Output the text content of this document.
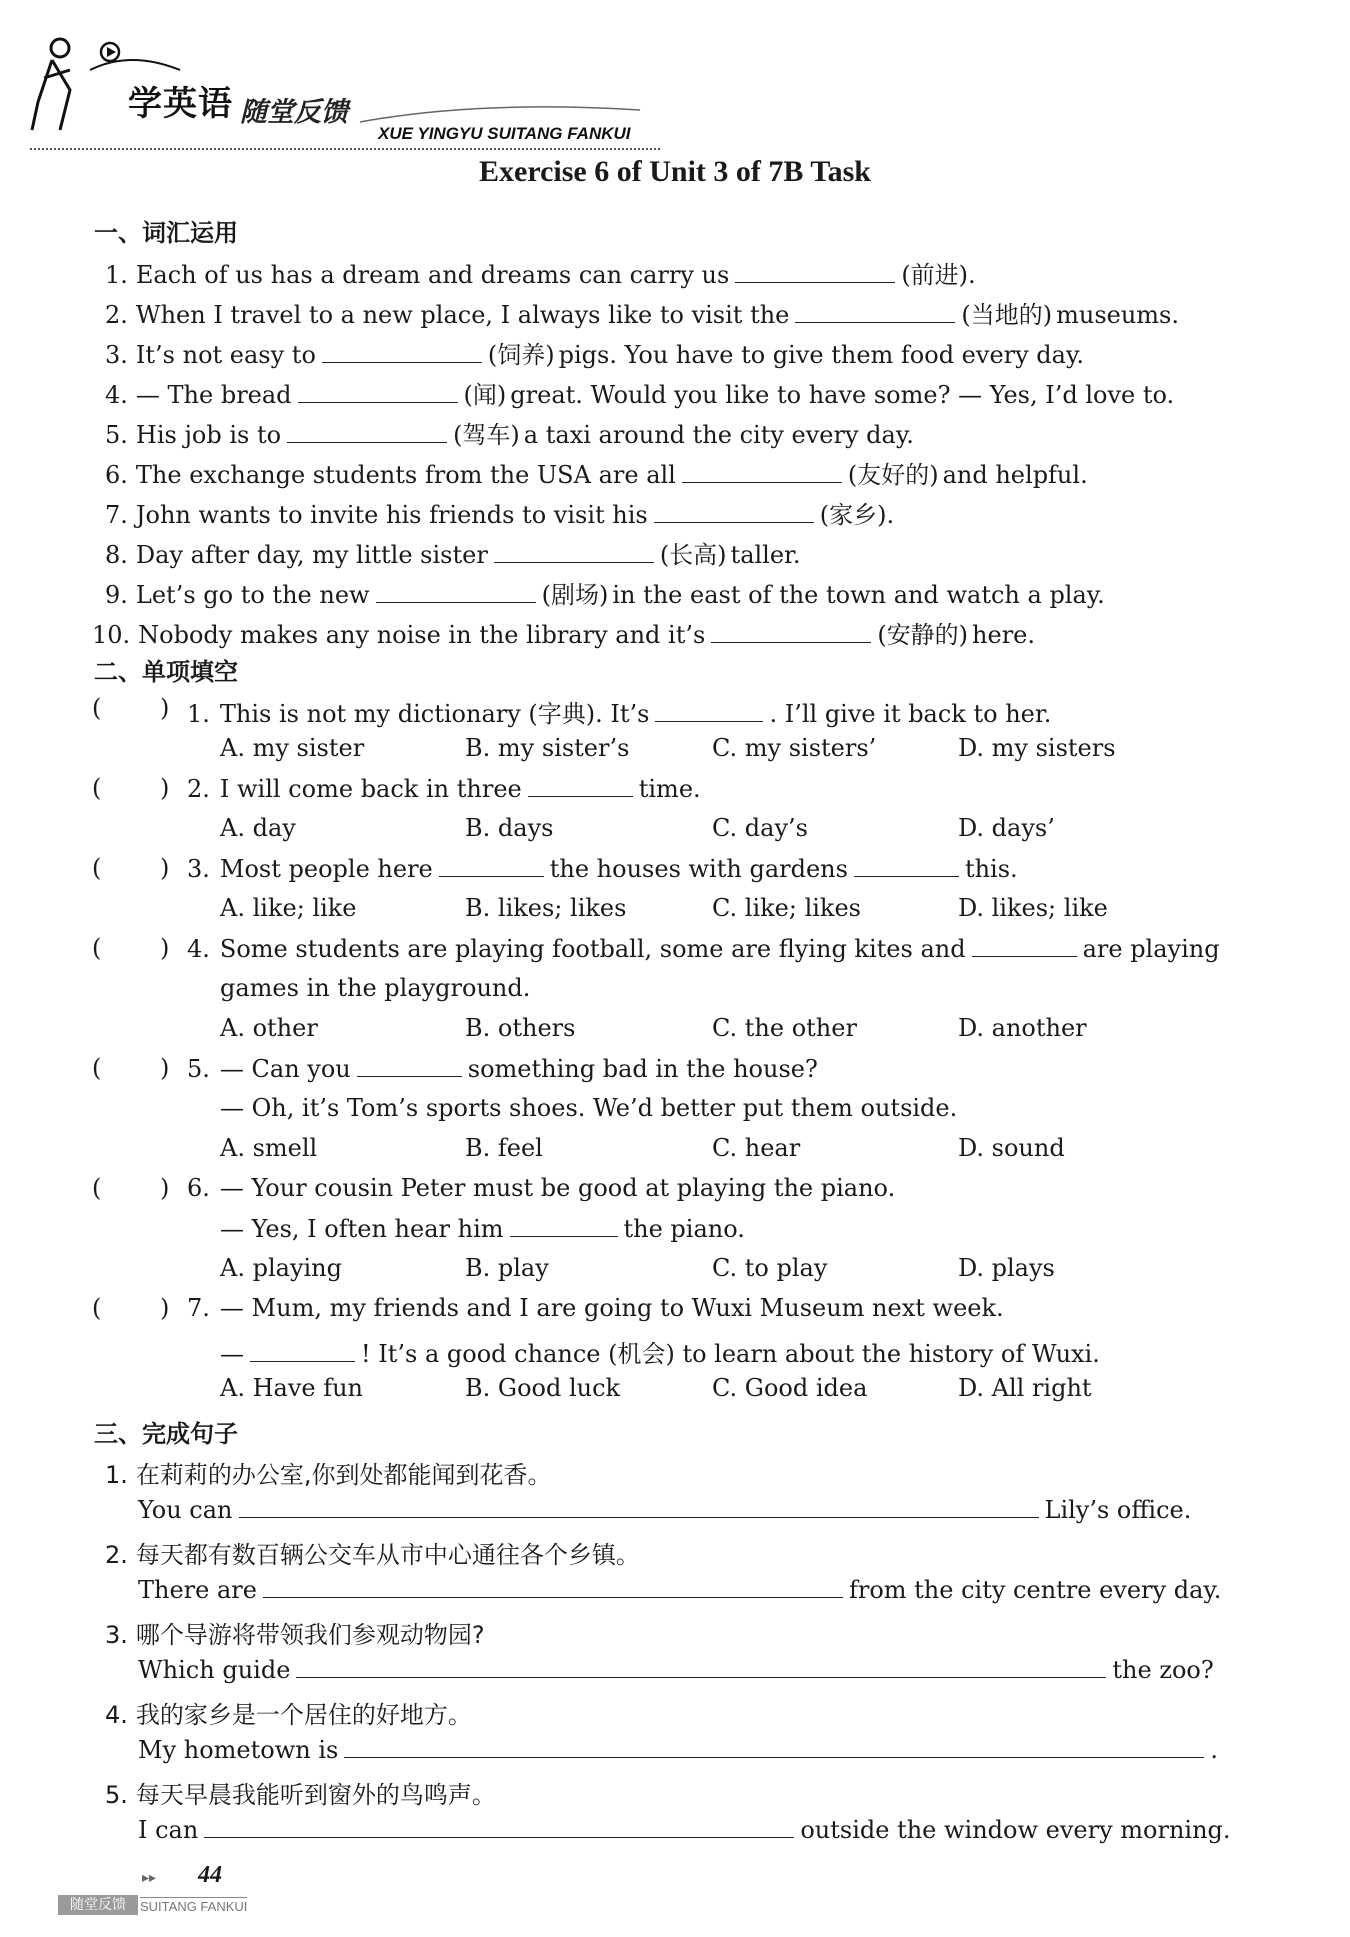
学英语 随堂反馈
XUE YINGYU SUITANG FANKUI
Exercise 6 of Unit 3 of 7B Task
一、词汇运用
1. Each of us has a dream and dreams can carry us	(前进).
2. When I travel to a new place, I always like to visit the	(当地的) museums.
3. It’s not easy to	(饲养) pigs. You have to give them food every day.
4. — The bread	(闻) great. Would you like to have some? — Yes, I’d love to.
5. His job is to	(驾车) a taxi around the city every day.
6. The exchange students from the USA are all	(友好的) and helpful.
7. John wants to invite his friends to visit his	(家乡).
8. Day after day, my little sister	(长高) taller.
9. Let’s go to the new	(剧场) in the east of the town and watch a play.
10. Nobody makes any noise in the library and it’s	(安静的) here.
二、单项填空
( ) 1. This is not my dictionary (字典). It’s	. I’ll give it back to her.
A. my sister	B. my sister’s	C. my sisters’	D. my sisters
( ) 2. I will come back in three	time.
A. day	B. days	C. day’s	D. days’
( ) 3. Most people here	the houses with gardens	this.
A. like; like	B. likes; likes	C. like; likes	D. likes; like
( ) 4. Some students are playing football, some are flying kites and	are playing
games in the playground.
A. other	B. others	C. the other	D. another
( ) 5. — Can you	something bad in the house?
— Oh, it’s Tom’s sports shoes. We’d better put them outside.
A. smell	B. feel	C. hear	D. sound
( ) 6. — Your cousin Peter must be good at playing the piano.
— Yes, I often hear him	the piano.
A. playing	B. play	C. to play	D. plays
( ) 7. — Mum, my friends and I are going to Wuxi Museum next week.
—	! It’s a good chance (机会) to learn about the history of Wuxi.
A. Have fun	B. Good luck	C. Good idea	D. All right
三、完成句子
1. 在莉莉的办公室,你到处都能闻到花香。
You can	Lily’s office.
2. 每天都有数百辆公交车从市中心通往各个乡镇。
There are	from the city centre every day.
3. 哪个导游将带领我们参观动物园?
Which guide	the zoo?
4. 我的家乡是一个居住的好地方。
My hometown is	.
5. 每天早晨我能听到窗外的鸟鸣声。
I can	outside the window every morning.
▸▸ 44
随堂反馈	SUITANG FANKUI
